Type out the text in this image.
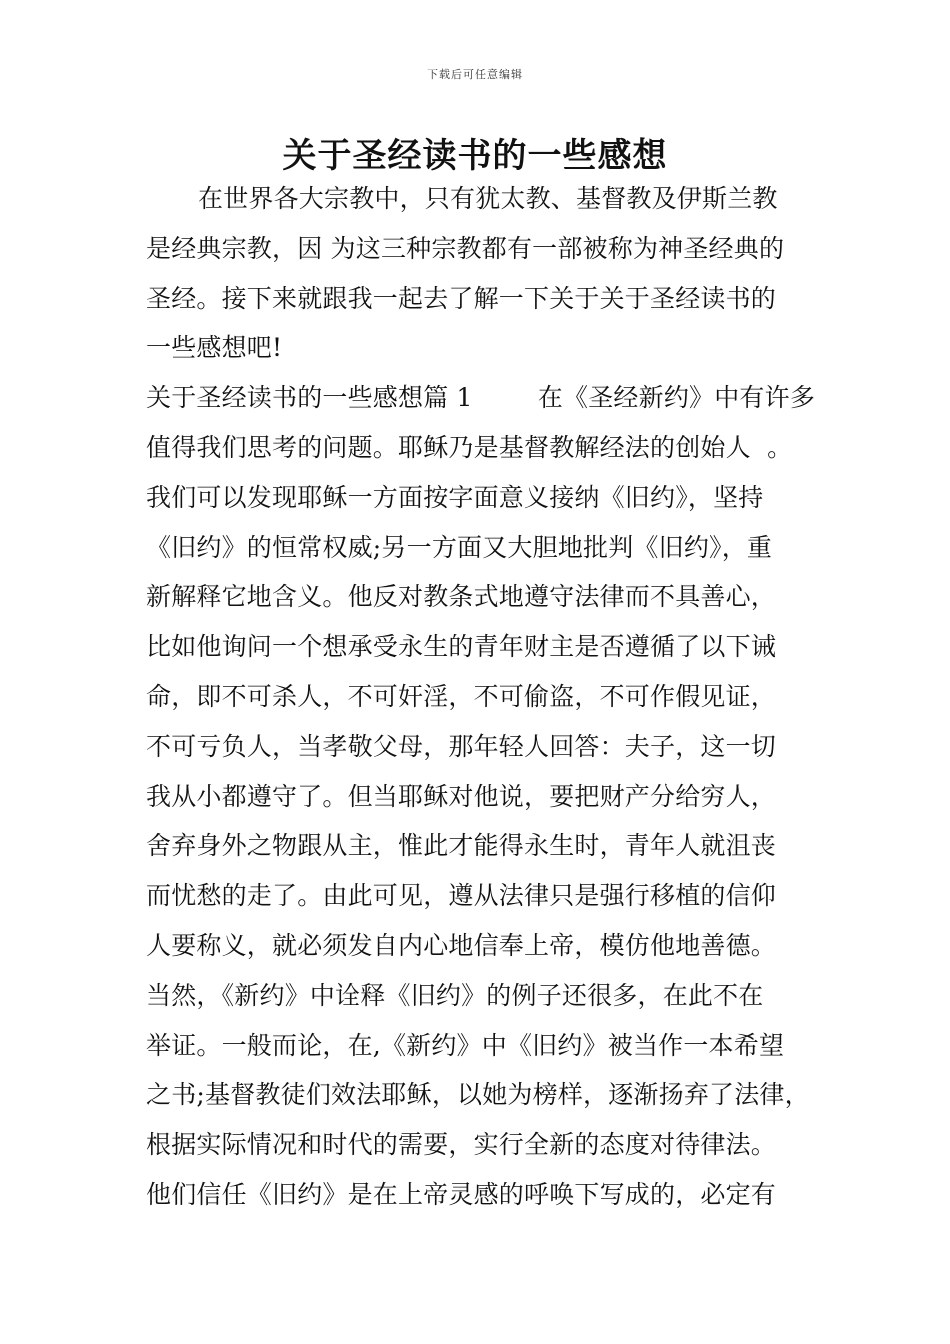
下载后可任意编辑
关于圣经读书的一些感想
在世界各大宗教中，只有犹太教、基督教及伊斯兰教
是经典宗教，因 为这三种宗教都有一部被称为神圣经典的
圣经。接下来就跟我一起去了解一下关于关于圣经读书的
一些感想吧!
关于圣经读书的一些感想篇 1        在《圣经新约》中有许多
值得我们思考的问题。耶稣乃是基督教解经法的创始人  。
我们可以发现耶稣一方面按字面意义接纳《旧约》，坚持
《旧约》的恒常权威;另一方面又大胆地批判《旧约》，重
新解释它地含义。他反对教条式地遵守法律而不具善心，
比如他询问一个想承受永生的青年财主是否遵循了以下诫
命，即不可杀人，不可奸淫，不可偷盗，不可作假见证，
不可亏负人，当孝敬父母，那年轻人回答：夫子，这一切
我从小都遵守了。但当耶稣对他说，要把财产分给穷人，
舍弃身外之物跟从主，惟此才能得永生时，青年人就沮丧
而忧愁的走了。由此可见，遵从法律只是强行移植的信仰
人要称义，就必须发自内心地信奉上帝，模仿他地善德。
当然，《新约》中诠释《旧约》的例子还很多，在此不在
举证。一般而论，在,《新约》中《旧约》被当作一本希望
之书;基督教徒们效法耶稣，以她为榜样，逐渐扬弃了法律，
根据实际情况和时代的需要，实行全新的态度对待律法。
他们信任《旧约》是在上帝灵感的呼唤下写成的，必定有
